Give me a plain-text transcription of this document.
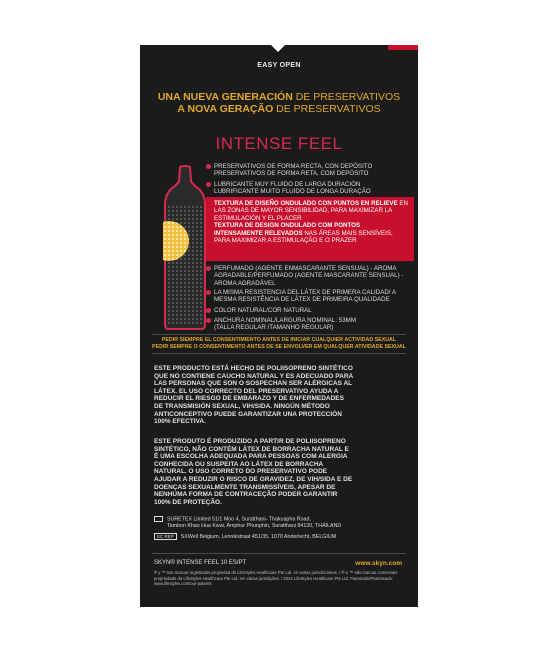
EASY OPEN
UNA NUEVA GENERACIÓN DE PRESERVATIVOS
A NOVA GERAÇÃO DE PRESERVATIVOS
INTENSE FEEL
PRESERVATIVOS DE FORMA RECTA, CON DEPÓSITO
PRESERVATIVOS DE FORMA RETA, COM DEPÓSITO
LUBRICANTE MUY FLUIDO DE LARGA DURACIÓN
LUBRIFICANTE MUITO FLUIDO DE LONGA DURAÇÃO
TEXTURA DE DISEÑO ONDULADO CON PUNTOS EN RELIEVE EN LAS ZONAS DE MAYOR SENSIBILIDAD, PARA MAXIMIZAR LA ESTIMULACIÓN Y EL PLACER
TEXTURA DE DESIGN ONDULADO COM PONTOS INTENSAMENTE RELEVADOS NAS ÁREAS MAIS SENSÍVEIS, PARA MAXIMIZAR A ESTIMULAÇÃO E O PRAZER
PERFUMADO (AGENTE ENMASCARANTE SENSUAL) - AROMA AGRADABLE/PERFUMADO (AGENTE MASCARANTE SENSUAL) - AROMA AGRADÁVEL
LA MISMA RESISTENCIA DEL LÁTEX DE PRIMERA CALIDAD/ A MESMA RESISTÊNCIA DE LÁTEX DE PRIMEIRA QUALIDADE
COLOR NATURAL/COR NATURAL
ANCHURA NOMINAL/LARGURA NOMINAL: 53MM
(TALLA REGULAR /TAMANHO REGULAR)
PEDIR SIEMPRE EL CONSENTIMIENTO ANTES DE INICIAR CUALQUIER ACTIVIDAD SEXUAL
PEDIR SEMPRE O CONSENTIMENTO ANTES DE SE ENVOLVER EM QUALQUER ATIVIDADE SEXUAL
ESTE PRODUCTO ESTÁ HECHO DE POLIISOPRENO SINTÉTICO QUE NO CONTIENE CAUCHO NATURAL Y ES ADECUADO PARA LAS PERSONAS QUE SON O SOSPECHAN SER ALÉRGICAS AL LÁTEX. EL USO CORRECTO DEL PRESERVATIVO AYUDA A REDUCIR EL RIESGO DE EMBARAZO Y DE ENFERMEDADES DE TRANSMISIÓN SEXUAL, VIH/SIDA. NINGÚN MÉTODO ANTICONCEPTIVO PUEDE GARANTIZAR UNA PROTECCIÓN 100% EFECTIVA.
ESTE PRODUTO É PRODUZIDO A PARTIR DE POLIISOPRENO SINTÉTICO, NÃO CONTÉM LÁTEX DE BORRACHA NATURAL E É UMA ESCOLHA ADEQUADA PARA PESSOAS COM ALERGIA CONHECIDA OU SUSPEITA AO LÁTEX DE BORRACHA NATURAL. O USO CORRETO DO PRESERVATIVO PODE AJUDAR A REDUZIR O RISCO DE GRAVIDEZ, DE VIH/SIDA E DE DOENÇAS SEXUALMENTE TRANSMISSÍVEIS, APESAR DE NENHUMA FORMA DE CONTRACEÇÃO PODER GARANTIR 100% DE PROTEÇÃO.
SURETEX Limited 51/1 Moo 4, Suratthani- Thakuapha Road,
Tambon Khao Hua Kwai, Amphur Phunphin, Suratthani 84130, THAILAND
EC REP SXWell Belgium, Lennikstraat 451/35, 1070 Anderlecht, BELGIUM
SKYN® INTENSE FEEL 10 ES/PT	www.skyn.com
® y ™ son marcas registradas propiedad de LifeStyles Healthcare Pte Ltd. en varias jurisdicciones. / ® e ™ são marcas comerciais propriedade da LifeStyles Healthcare Pte Ltd. em várias jurisdições. / 2024 LifeStyles Healthcare Pte Ltd. Patentado/Patenteado: www.lifestyles.com/our-patents
